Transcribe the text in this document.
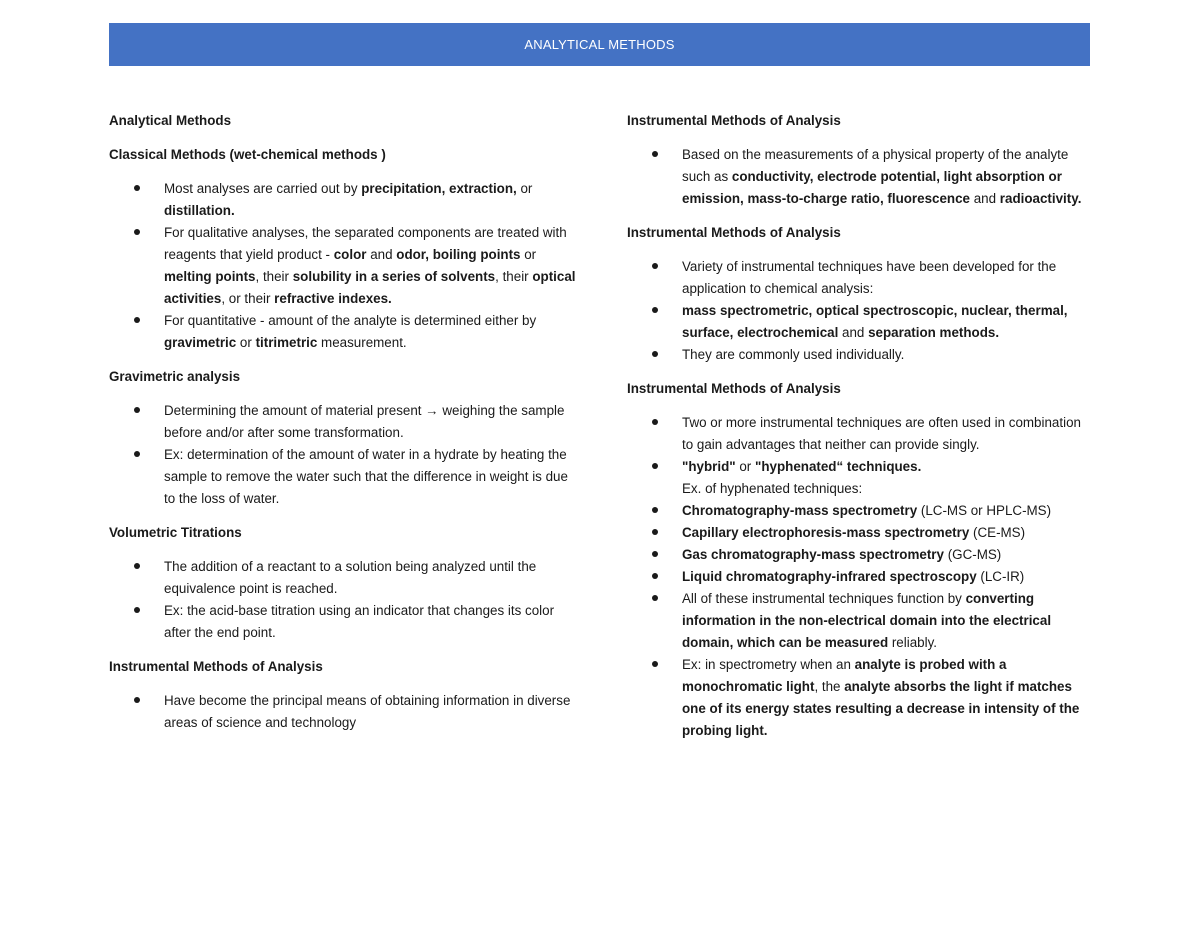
ANALYTICAL METHODS
Analytical Methods
Classical Methods (wet-chemical methods )
Most analyses are carried out by precipitation, extraction, or distillation.
For qualitative analyses, the separated components are treated with reagents that yield product - color and odor, boiling points or melting points, their solubility in a series of solvents, their optical activities, or their refractive indexes.
For quantitative - amount of the analyte is determined either by gravimetric or titrimetric measurement.
Gravimetric analysis
Determining the amount of material present → weighing the sample before and/or after some transformation.
Ex: determination of the amount of water in a hydrate by heating the sample to remove the water such that the difference in weight is due to the loss of water.
Volumetric Titrations
The addition of a reactant to a solution being analyzed until the equivalence point is reached.
Ex: the acid-base titration using an indicator that changes its color after the end point.
Instrumental Methods of Analysis
Have become the principal means of obtaining information in diverse areas of science and technology
Instrumental Methods of Analysis
Based on the measurements of a physical property of the analyte such as conductivity, electrode potential, light absorption or emission, mass-to-charge ratio, fluorescence and radioactivity.
Instrumental Methods of Analysis
Variety of instrumental techniques have been developed for the application to chemical analysis:
mass spectrometric, optical spectroscopic, nuclear, thermal, surface, electrochemical and separation methods.
They are commonly used individually.
Instrumental Methods of Analysis
Two or more instrumental techniques are often used in combination to gain advantages that neither can provide singly.
"hybrid" or "hyphenated“ techniques.
Ex. of hyphenated techniques:
Chromatography-mass spectrometry (LC-MS or HPLC-MS)
Capillary electrophoresis-mass spectrometry (CE-MS)
Gas chromatography-mass spectrometry (GC-MS)
Liquid chromatography-infrared spectroscopy (LC-IR)
All of these instrumental techniques function by converting information in the non-electrical domain into the electrical domain, which can be measured reliably.
Ex: in spectrometry when an analyte is probed with a monochromatic light, the analyte absorbs the light if matches one of its energy states resulting a decrease in intensity of the probing light.
